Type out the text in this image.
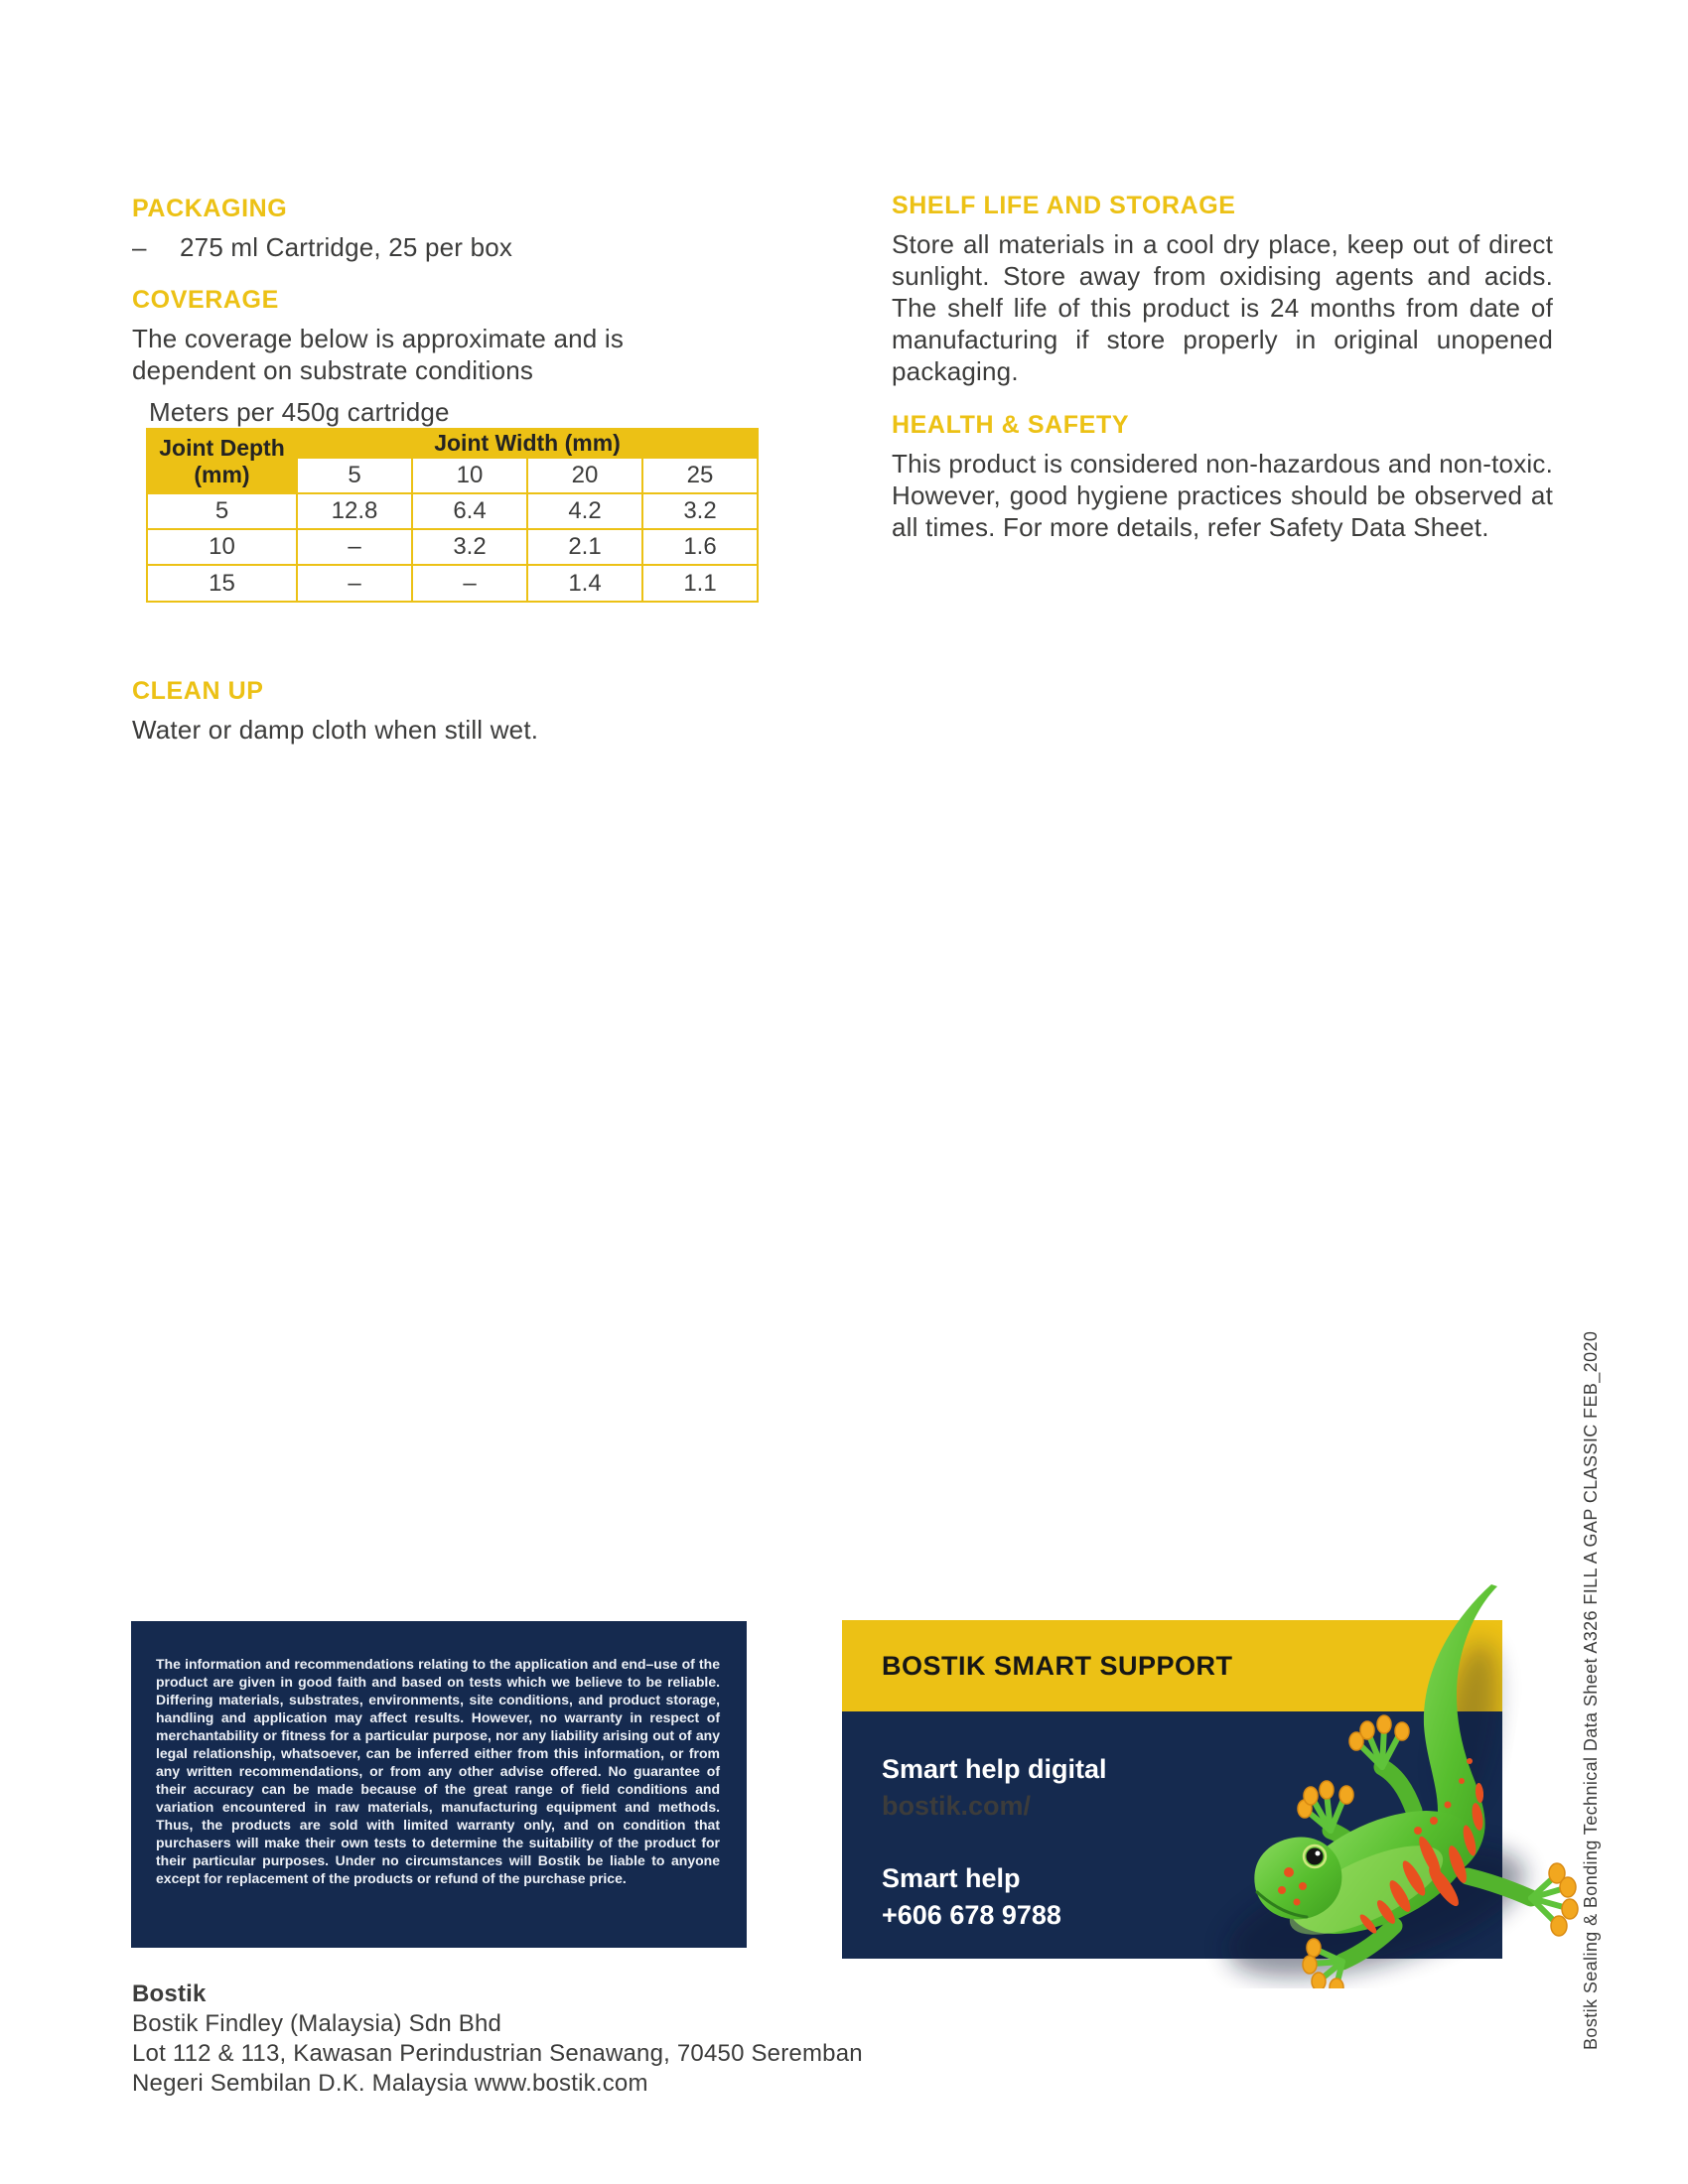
PACKAGING
–	275 ml Cartridge, 25 per box
COVERAGE
The coverage below is approximate and is
dependent on substrate conditions
Meters per 450g cartridge
Joint Depth
(mm)	Joint Width (mm)			
	5	10	20	25
5	12.8	6.4	4.2	3.2
10	–	3.2	2.1	1.6
15	–	–	1.4	1.1
CLEAN UP
Water or damp cloth when still wet.
SHELF LIFE AND STORAGE
Store all materials in a cool dry place, keep out of direct sunlight. Store away from oxidising agents and acids. The shelf life of this product is 24 months from date of manufacturing if store properly in original unopened packaging.
HEALTH & SAFETY
This product is considered non-hazardous and non-toxic. However, good hygiene practices should be observed at all times. For more details, refer Safety Data Sheet.
The information and recommendations relating to the application and end–use of the product are given in good faith and based on tests which we believe to be reliable. Differing materials, substrates, environments, site conditions, and product storage, handling and application may affect results. However, no warranty in respect of merchantability or fitness for a particular purpose, nor any liability arising out of any legal relationship, whatsoever, can be inferred either from this information, or from any written recommendations, or from any other advise offered. No guarantee of their accuracy can be made because of the great range of field conditions and variation encountered in raw materials, manufacturing equipment and methods. Thus, the products are sold with limited warranty only, and on condition that purchasers will make their own tests to determine the suitability of the product for their particular purposes. Under no circumstances will Bostik be liable to anyone except for replacement of the products or refund of the purchase price.
BOSTIK SMART SUPPORT
Smart help digital
bostik.com/
Smart help
+606 678 9788	Bostik Sealing & Bonding Technical Data Sheet A326 FILL A GAP CLASSIC FEB_2020
Bostik
Bostik Findley (Malaysia) Sdn Bhd
Lot 112 & 113, Kawasan Perindustrian Senawang, 70450 Seremban
Negeri Sembilan D.K. Malaysia www.bostik.com
